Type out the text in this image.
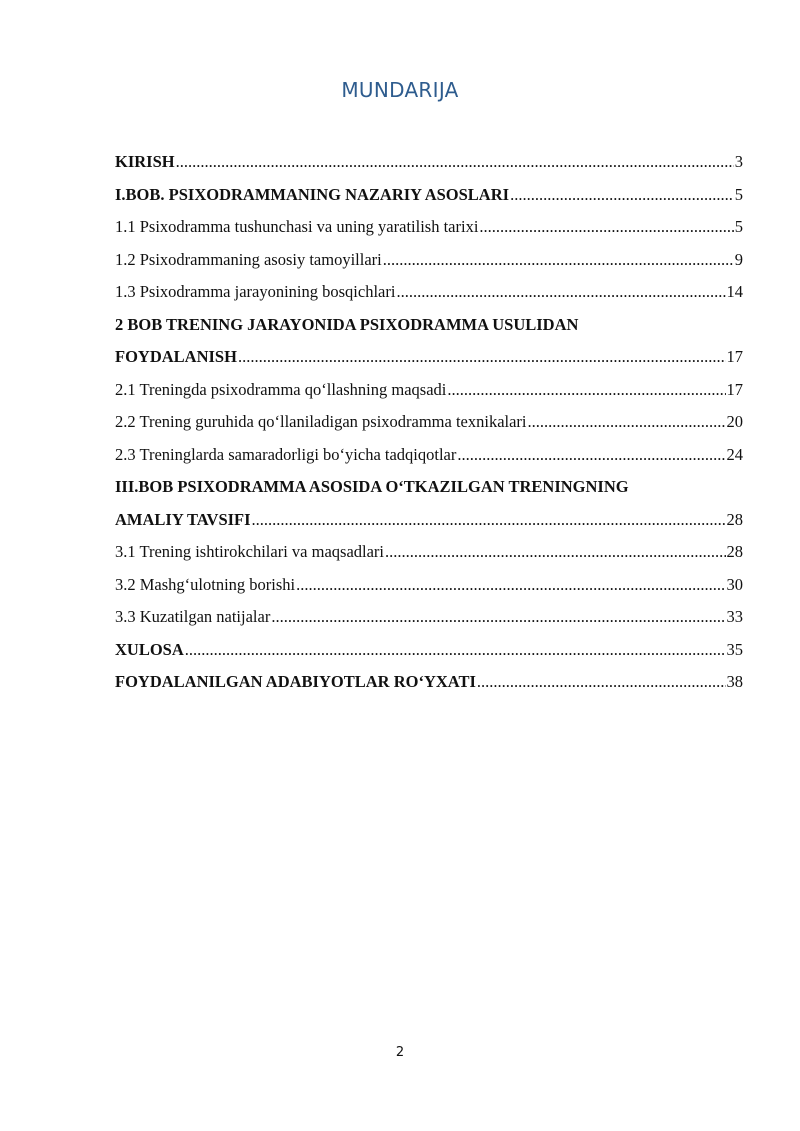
MUNDARIJA
KIRISH .....	3
I.BOB. PSIXODRAMMANING NAZARIY ASOSLARI .....	5
1.1 Psixodramma tushunchasi va uning yaratilish tarixi .....	5
1.2 Psixodrammaning asosiy tamoyillari .....	9
1.3 Psixodramma jarayonining bosqichlari .....	14
2 BOB TRENING JARAYONIDA PSIXODRAMMA USULIDAN
FOYDALANISH .....	17
2.1 Treningda psixodramma qo‘llashning maqsadi .....	17
2.2 Trening guruhida qo‘llaniladigan psixodramma texnikalari .....	20
2.3 Treninglarda samaradorligi bo‘yicha tadqiqotlar .....	24
III.BOB PSIXODRAMMA ASOSIDA O‘TKAZILGAN TRENINGNING
AMALIY TAVSIFI .....	28
3.1 Trening ishtirokchilari va maqsadlari .....	28
3.2 Mashg‘ulotning borishi .....	30
3.3 Kuzatilgan natijalar .....	33
XULOSA .....	35
FOYDALANILGAN ADABIYOTLAR RO‘YXATI .....	38
2
